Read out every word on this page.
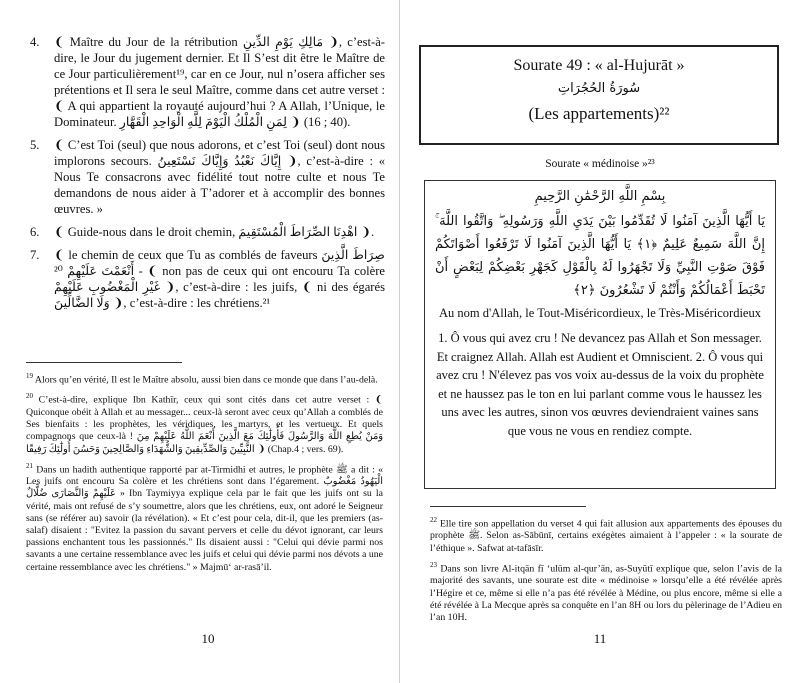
4.	❨ Maître du Jour de la rétribution مَالِكِ يَوْمِ الدِّينِ ❩, c’est-à-dire, le Jour du jugement dernier. Et Il S’est dit être le Maître de ce Jour particulièrement¹⁹, car en ce Jour, nul n’osera afficher ses prétentions et Il sera le seul Maître, comme dans cet autre verset : ❨ A qui appartient la royauté aujourd’hui ? A Allah, l’Unique, le Dominateur. لِمَنِ الْمُلْكُ الْيَوْمَ لِلَّهِ الْوَاحِدِ الْقَهَّارِ ❩ (40 ; 16).
5.	❨ C’est Toi (seul) que nous adorons, et c’est Toi (seul) dont nous implorons secours. إِيَّاكَ نَعْبُدُ وَإِيَّاكَ نَسْتَعِينُ ❩, c’est-à-dire : « Nous Te consacrons avec fidélité tout notre culte et nous Te demandons de nous aider à T’adorer et à accomplir des bonnes œuvres. »
6.	❨ Guide-nous dans le droit chemin, اهْدِنَا الصِّرَاطَ الْمُسْتَقِيمَ ❩.
7.	❨ le chemin de ceux que Tu as comblés de faveurs صِرَاطَ الَّذِينَ أَنْعَمْتَ عَلَيْهِمْ ²⁰ - ❨ non pas de ceux qui ont encouru Ta colère غَيْرِ الْمَغْضُوبِ عَلَيْهِمْ ❩, c’est-à-dire : les juifs, ❨ ni des égarés وَلَا الضَّالِّينَ ❩, c’est-à-dire : les chrétiens.²¹
$^{19}$ Alors qu’en vérité, Il est le Maître absolu, aussi bien dans ce monde que dans l’au-delà.
$^{20}$ C’est-à-dire, explique Ibn Kathīr, ceux qui sont cités dans cet autre verset : ❨ Quiconque obéit à Allah et au messager... ceux-là seront avec ceux qu’Allah a comblés de Ses bienfaits : les prophètes, les véridiques, les martyrs, et les vertueux. Et quels compagnons que ceux-là ! وَمَنْ يُطِعِ اللَّهَ وَالرَّسُولَ فَأُولَٰئِكَ مَعَ الَّذِينَ أَنْعَمَ اللَّهُ عَلَيْهِمْ مِنَ النَّبِيِّينَ وَالصِّدِّيقِينَ وَالشُّهَدَاءِ وَالصَّالِحِينَ وَحَسُنَ أُولَٰئِكَ رَفِيقًا ❩ (Chap.4 ; vers. 69).
$^{21}$ Dans un hadith authentique rapporté par at-Tirmidhi et autres, le prophète ﷺ a dit : « Les juifs ont encouru Sa colère et les chrétiens sont dans l’égarement. الْيَهُودُ مَغْضُوبٌ عَلَيْهِمْ وَالنَّصَارَى ضُلَّالٌ » Ibn Taymiyya explique cela par le fait que les juifs ont su la vérité, mais ont refusé de s’y soumettre, alors que les chrétiens, eux, ont adoré le Seigneur sans (se référer au) savoir (la révélation). « Et c’est pour cela, dit-il, que les premiers (as-salaf) disaient : "Evitez la passion du savant pervers et celle du dévot ignorant, car leurs passions enchantent tous les passionnés." Ils disaient aussi : "Celui qui dévie parmi nos savants a une certaine ressemblance avec les juifs et celui qui dévie parmi nos dévots a une certaine ressemblance avec les chrétiens." » Majmū‘ ar-rasā’il.
10
Sourate 49 : « al-Hujurāt »
سُورَةُ الحُجُرَاتِ
(Les appartements)²²
Sourate « médinoise »²³
بِسْمِ اللَّهِ الرَّحْمَٰنِ الرَّحِيمِ
يَا أَيُّهَا الَّذِينَ آمَنُوا لَا تُقَدِّمُوا بَيْنَ يَدَيِ اللَّهِ وَرَسُولِهِ ۖ وَاتَّقُوا اللَّهَ ۚ إِنَّ اللَّهَ سَمِيعٌ عَلِيمٌ ﴿١﴾ يَا أَيُّهَا الَّذِينَ آمَنُوا لَا تَرْفَعُوا أَصْوَاتَكُمْ فَوْقَ صَوْتِ النَّبِيِّ وَلَا تَجْهَرُوا لَهُ بِالْقَوْلِ كَجَهْرِ بَعْضِكُمْ لِبَعْضٍ أَنْ تَحْبَطَ أَعْمَالُكُمْ وَأَنْتُمْ لَا تَشْعُرُونَ ﴿٢﴾
Au nom d'Allah, le Tout-Miséricordieux, le Très-Miséricordieux
1. Ô vous qui avez cru ! Ne devancez pas Allah et Son messager. Et craignez Allah. Allah est Audient et Omniscient. 2. Ô vous qui avez cru ! N'élevez pas vos voix au-dessus de la voix du prophète et ne haussez pas le ton en lui parlant comme vous le haussez les uns avec les autres, sinon vos œuvres deviendraient vaines sans que vous ne vous en rendiez compte.
$^{22}$ Elle tire son appellation du verset 4 qui fait allusion aux appartements des épouses du prophète ﷺ. Selon as-Sābūnī, certains exégètes aimaient à l’appeler : « la sourate de l’éthique ». Safwat at-tafāsīr.
$^{23}$ Dans son livre Al-itqān fī ‘ulūm al-qur’ān, as-Suyūtī explique que, selon l’avis de la majorité des savants, une sourate est dite « médinoise » lorsqu’elle a été révélée après l’Hégire et ce, même si elle n’a pas été révélée à Médine, ou plus encore, même si elle a été révélée à La Mecque après sa conquête en l’an 8H ou lors du pèlerinage de l’Adieu en l’an 10H.
11
